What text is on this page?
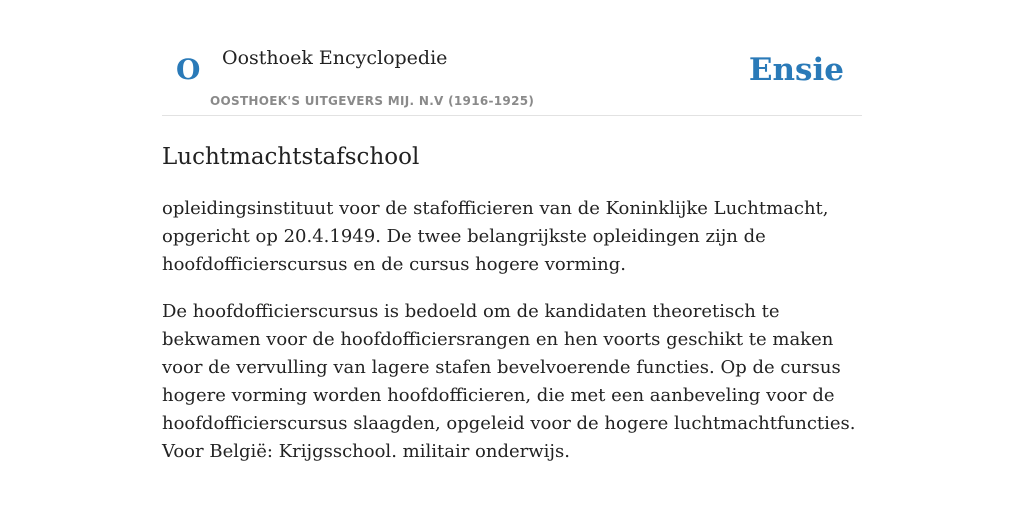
O Oosthoek Encyclopedie
OOSTHOEK'S UITGEVERS MIJ. N.V (1916-1925)
Ensie
Luchtmachtstafschool

opleidingsinstituut voor de stafofficieren van de Koninklijke Luchtmacht, opgericht op 20.4.1949. De twee belangrijkste opleidingen zijn de hoofdofficierscursus en de cursus hogere vorming.

De hoofdofficierscursus is bedoeld om de kandidaten theoretisch te bekwamen voor de hoofdofficiersrangen en hen voorts geschikt te maken voor de vervulling van lagere stafen bevelvoerende functies. Op de cursus hogere vorming worden hoofdofficieren, die met een aanbeveling voor de hoofdofficierscursus slaagden, opgeleid voor de hogere luchtmachtfuncties. Voor België: Krijgsschool. militair onderwijs.
